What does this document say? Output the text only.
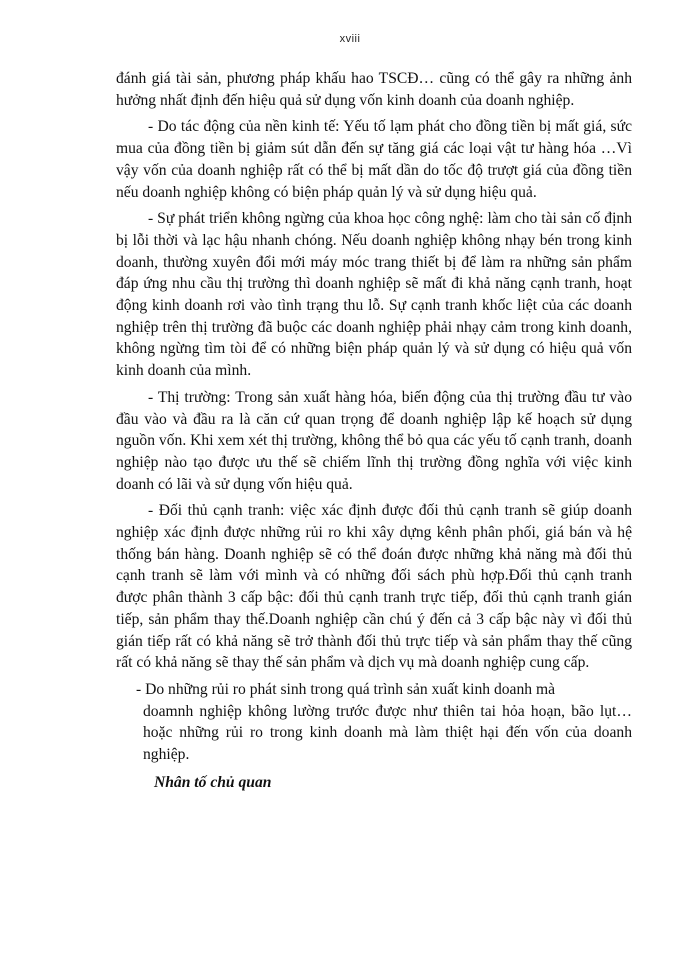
xviii

đánh giá tài sản, phương pháp khấu hao TSCĐ… cũng có thể gây ra những ảnh hưởng nhất định đến hiệu quả sử dụng vốn kinh doanh của doanh nghiệp.

- Do tác động của nền kinh tế: Yếu tố lạm phát cho đồng tiền bị mất giá, sức mua của đồng tiền bị giảm sút dẫn đến sự tăng giá các loại vật tư hàng hóa …Vì vậy vốn của doanh nghiệp rất có thể bị mất dần do tốc độ trượt giá của đồng tiền nếu doanh nghiệp không có biện pháp quản lý và sử dụng hiệu quả.

- Sự phát triển không ngừng của khoa học công nghệ: làm cho tài sản cố định bị lỗi thời và lạc hậu nhanh chóng. Nếu doanh nghiệp không nhạy bén trong kinh doanh, thường xuyên đổi mới máy móc trang thiết bị để làm ra những sản phẩm đáp ứng nhu cầu thị trường thì doanh nghiệp sẽ mất đi khả năng cạnh tranh, hoạt động kinh doanh rơi vào tình trạng thu lỗ. Sự cạnh tranh khốc liệt của các doanh nghiệp trên thị trường đã buộc các doanh nghiệp phải nhạy cảm trong kinh doanh, không ngừng tìm tòi để có những biện pháp quản lý và sử dụng có hiệu quả vốn kinh doanh của mình.

- Thị trường: Trong sản xuất hàng hóa, biến động của thị trường đầu tư vào đầu vào và đầu ra là căn cứ quan trọng để doanh nghiệp lập kế hoạch sử dụng nguồn vốn. Khi xem xét thị trường, không thể bỏ qua các yếu tố cạnh tranh, doanh nghiệp nào tạo được ưu thế sẽ chiếm lĩnh thị trường đồng nghĩa với việc kinh doanh có lãi và sử dụng vốn hiệu quả.

- Đối thủ cạnh tranh: việc xác định được đối thủ cạnh tranh sẽ giúp doanh nghiệp xác định được những rủi ro khi xây dựng kênh phân phối, giá bán và hệ thống bán hàng. Doanh nghiệp sẽ có thể đoán được những khả năng mà đối thủ cạnh tranh sẽ làm với mình và có những đối sách phù hợp.Đối thủ cạnh tranh được phân thành 3 cấp bậc: đối thủ cạnh tranh trực tiếp, đối thủ cạnh tranh gián tiếp, sản phẩm thay thế.Doanh nghiệp cần chú ý đến cả 3 cấp bậc này vì đối thủ gián tiếp rất có khả năng sẽ trở thành đối thủ trực tiếp và sản phẩm thay thế cũng rất có khả năng sẽ thay thế sản phẩm và dịch vụ mà doanh nghiệp cung cấp.

- Do những rủi ro phát sinh trong quá trình sản xuất kinh doanh mà
doamnh nghiệp không lường trước được như thiên tai hỏa hoạn, bão lụt…hoặc những rủi ro trong kinh doanh mà làm thiệt hại đến vốn của doanh nghiệp.

Nhân tố chủ quan
